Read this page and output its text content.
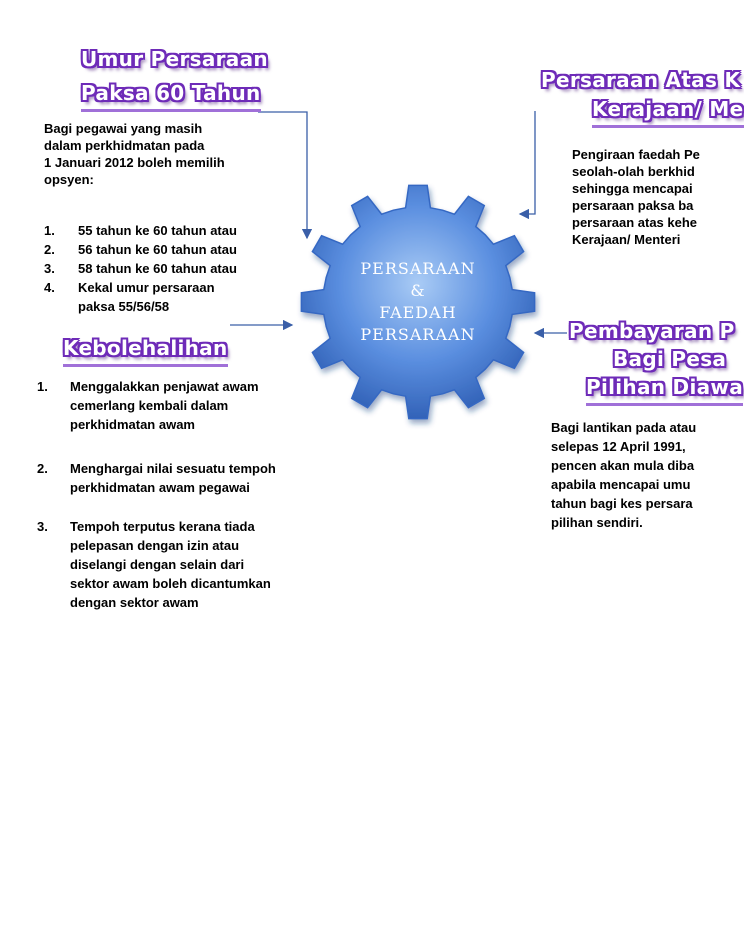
PERSARAAN
&
FAEDAH
PERSARAAN
Umur Persaraan
Paksa 60 Tahun
Bagi pegawai yang masih
dalam perkhidmatan pada
1 Januari 2012 boleh memilih
opsyen:
1. 55 tahun ke 60 tahun atau
2. 56 tahun ke 60 tahun atau
3. 58 tahun ke 60 tahun atau
4. Kekal umur persaraan
paksa 55/56/58
Kebolehalihan
1. Menggalakkan penjawat awam
cemerlang kembali dalam
perkhidmatan awam
2. Menghargai nilai sesuatu tempoh
perkhidmatan awam pegawai
3. Tempoh terputus kerana tiada
pelepasan dengan izin atau
diselangi dengan selain dari
sektor awam boleh dicantumkan
dengan sektor awam
Persaraan Atas K
Kerajaan/ Me
Pengiraan faedah Pe
seolah-olah berkhid
sehingga mencapai
persaraan paksa ba
persaraan atas kehe
Kerajaan/ Menteri
Pembayaran P
Bagi Pesa
Pilihan Diawa
Bagi lantikan pada atau
selepas 12 April 1991,
pencen akan mula diba
apabila mencapai umu
tahun bagi kes persara
pilihan sendiri.
